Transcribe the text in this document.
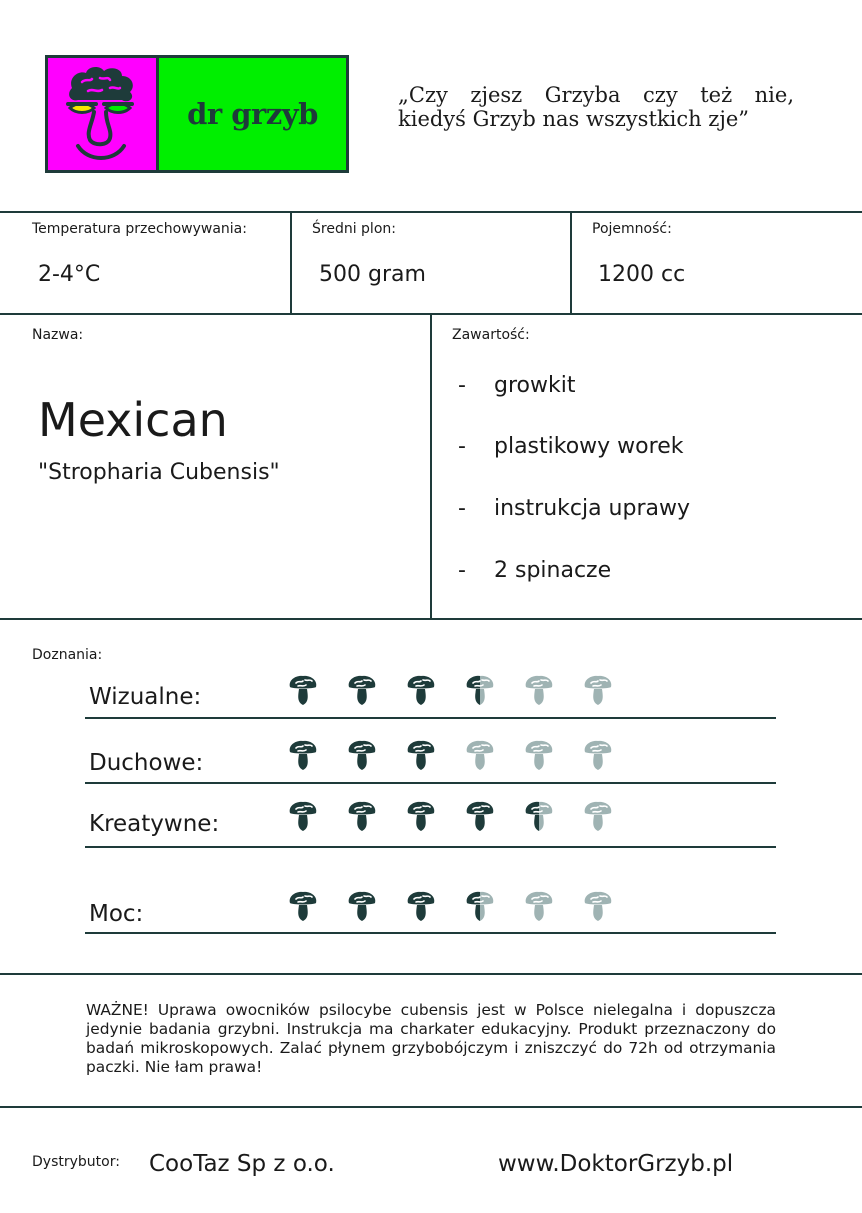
dr grzyb
„Czy zjesz Grzyba czy też nie,
kiedyś Grzyb nas wszystkich zje”
Temperatura przechowywania:
2-4°C
Średni plon:
500 gram
Pojemność:
1200 cc
Nazwa:
Mexican
"Stropharia Cubensis"
Zawartość:
- growkit
- plastikowy worek
- instrukcja uprawy
- 2 spinacze
Doznania:
Wizualne:
Duchowe:
Kreatywne:
Moc:
WAŻNE! Uprawa owocników psilocybe cubensis jest w Polsce nielegalna i dopuszcza jedynie badania grzybni. Instrukcja ma charkater edukacyjny. Produkt przeznaczony do badań mikroskopowych. Zalać płynem grzybobójczym i zniszczyć do 72h od otrzymania paczki. Nie łam prawa!
Dystrybutor: CooTaz Sp z o.o.	www.DoktorGrzyb.pl
